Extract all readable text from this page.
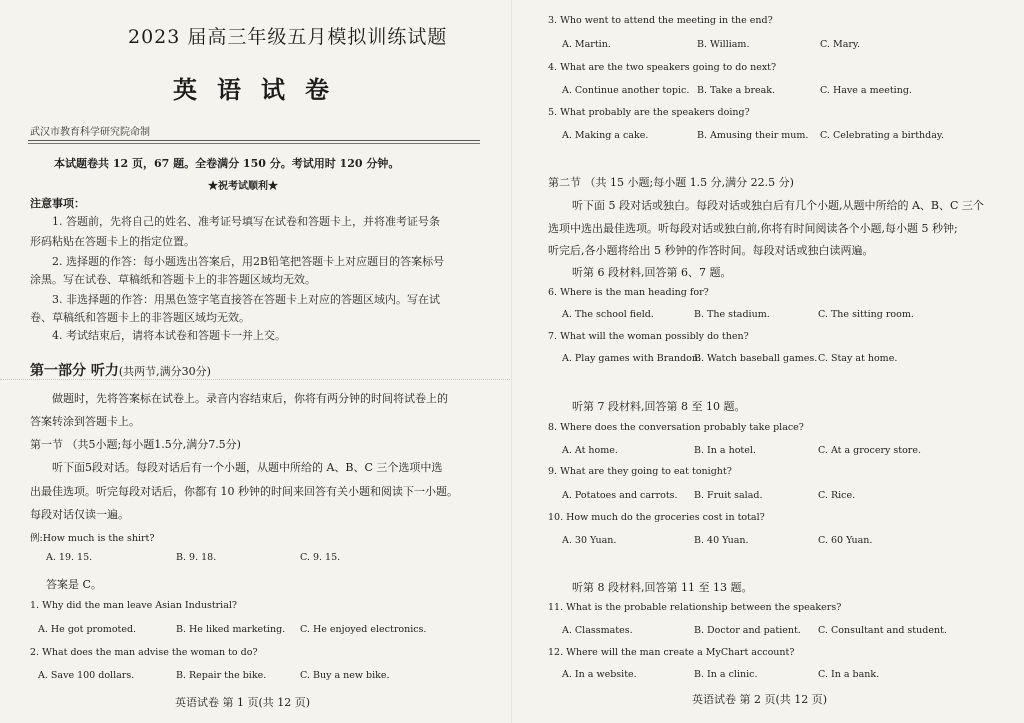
2023 届高三年级五月模拟训练试题
英语试卷
武汉市教育科学研究院命制
本试题卷共 12 页，67 题。全卷满分 150 分。考试用时 120 分钟。
★祝考试顺利★
注意事项：
1. 答题前，先将自己的姓名、准考证号填写在试卷和答题卡上，并将准考证号条
形码粘贴在答题卡上的指定位置。
2. 选择题的作答：每小题选出答案后，用2B铅笔把答题卡上对应题目的答案标号
涂黑。写在试卷、草稿纸和答题卡上的非答题区域均无效。
3. 非选择题的作答：用黑色签字笔直接答在答题卡上对应的答题区域内。写在试
卷、草稿纸和答题卡上的非答题区域均无效。
4. 考试结束后，请将本试卷和答题卡一并上交。
第一部分 听力(共两节,满分30分)
做题时，先将答案标在试卷上。录音内容结束后，你将有两分钟的时间将试卷上的
答案转涂到答题卡上。
第一节 （共5小题;每小题1.5分,满分7.5分)
听下面5段对话。每段对话后有一个小题，从题中所给的 A、B、C 三个选项中选
出最佳选项。听完每段对话后，你都有 10 秒钟的时间来回答有关小题和阅读下一小题。
每段对话仅读一遍。
例:How much is the shirt?
A. 19. 15.	B. 9. 18.	C. 9. 15.
答案是 C。
1. Why did the man leave Asian Industrial?
A. He got promoted.	B. He liked marketing. C. He enjoyed electronics.
2. What does the man advise the woman to do?
A. Save 100 dollars.	B. Repair the bike.	C. Buy a new bike.
英语试卷 第 1 页(共 12 页)
3. Who went to attend the meeting in the end?
A. Martin.	B. William.	C. Mary.
4. What are the two speakers going to do next?
A. Continue another topic. B. Take a break.	C. Have a meeting.
5. What probably are the speakers doing?
A. Making a cake.	B. Amusing their mum. C. Celebrating a birthday.
第二节 （共 15 小题;每小题 1.5 分,满分 22.5 分)
听下面 5 段对话或独白。每段对话或独白后有几个小题,从题中所给的 A、B、C 三个
选项中选出最佳选项。听每段对话或独白前,你将有时间阅读各个小题,每小题 5 秒钟;
听完后,各小题将给出 5 秒钟的作答时间。每段对话或独白读两遍。
听第 6 段材料,回答第 6、7 题。
6. Where is the man heading for?
A. The school field.	B. The stadium.	C. The sitting room.
7. What will the woman possibly do then?
A. Play games with Brandon.
B. Watch baseball games. C. Stay at home.
听第 7 段材料,回答第 8 至 10 题。
8. Where does the conversation probably take place?
A. At home.	B. In a hotel.	C. At a grocery store.
9. What are they going to eat tonight?
A. Potatoes and carrots. B. Fruit salad.	C. Rice.
10. How much do the groceries cost in total?
A. 30 Yuan.	B. 40 Yuan.	C. 60 Yuan.
听第 8 段材料,回答第 11 至 13 题。
11. What is the probable relationship between the speakers?
A. Classmates.	B. Doctor and patient. C. Consultant and student.
12. Where will the man create a MyChart account?
A. In a website.	B. In a clinic.	C. In a bank.
英语试卷 第 2 页(共 12 页)
